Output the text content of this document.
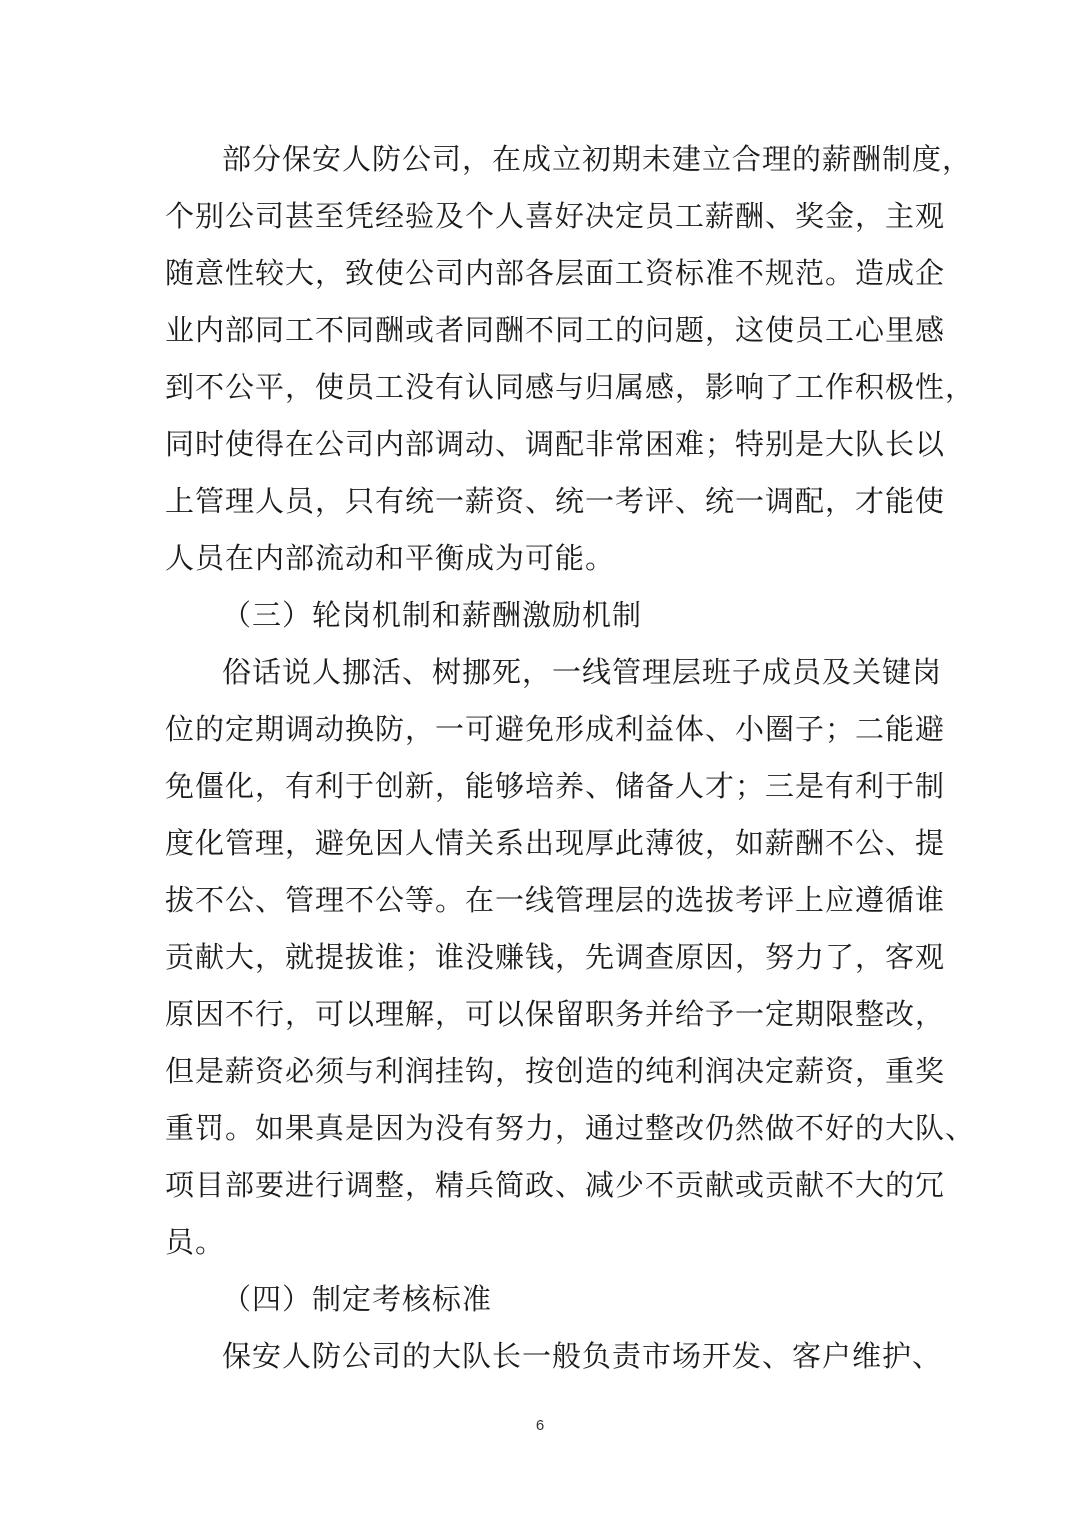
部分保安人防公司，在成立初期未建立合理的薪酬制度，
个别公司甚至凭经验及个人喜好决定员工薪酬、奖金，主观
随意性较大，致使公司内部各层面工资标准不规范。造成企
业内部同工不同酬或者同酬不同工的问题，这使员工心里感
到不公平，使员工没有认同感与归属感，影响了工作积极性，
同时使得在公司内部调动、调配非常困难；特别是大队长以
上管理人员，只有统一薪资、统一考评、统一调配，才能使
人员在内部流动和平衡成为可能。
（三）轮岗机制和薪酬激励机制
俗话说人挪活、树挪死，一线管理层班子成员及关键岗
位的定期调动换防，一可避免形成利益体、小圈子；二能避
免僵化，有利于创新，能够培养、储备人才；三是有利于制
度化管理，避免因人情关系出现厚此薄彼，如薪酬不公、提
拔不公、管理不公等。在一线管理层的选拔考评上应遵循谁
贡献大，就提拔谁；谁没赚钱，先调查原因，努力了，客观
原因不行，可以理解，可以保留职务并给予一定期限整改，
但是薪资必须与利润挂钩，按创造的纯利润决定薪资，重奖
重罚。如果真是因为没有努力，通过整改仍然做不好的大队、
项目部要进行调整，精兵简政、减少不贡献或贡献不大的冗
员。
（四）制定考核标准
保安人防公司的大队长一般负责市场开发、客户维护、
6
